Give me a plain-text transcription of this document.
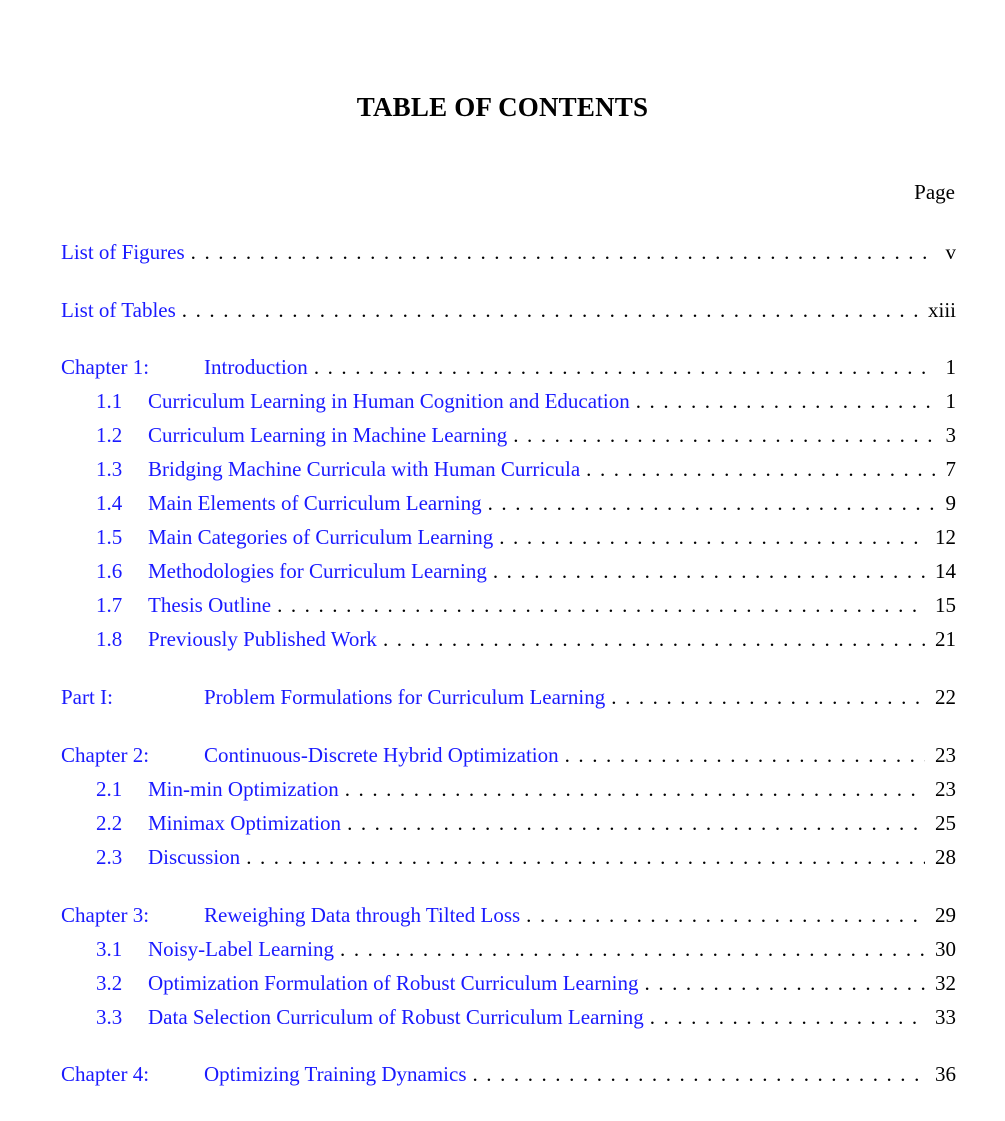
TABLE OF CONTENTS
Page
List of Figures . . .	v
List of Tables . . .	xiii
Chapter 1:	Introduction . . .	1
1.1	Curriculum Learning in Human Cognition and Education . . .	1
1.2	Curriculum Learning in Machine Learning . . .	3
1.3	Bridging Machine Curricula with Human Curricula . . .	7
1.4	Main Elements of Curriculum Learning . . .	9
1.5	Main Categories of Curriculum Learning . . .	12
1.6	Methodologies for Curriculum Learning . . .	14
1.7	Thesis Outline . . .	15
1.8	Previously Published Work . . .	21
Part I:	Problem Formulations for Curriculum Learning . . .	22
Chapter 2:	Continuous-Discrete Hybrid Optimization . . .	23
2.1	Min-min Optimization . . .	23
2.2	Minimax Optimization . . .	25
2.3	Discussion . . .	28
Chapter 3:	Reweighing Data through Tilted Loss . . .	29
3.1	Noisy-Label Learning . . .	30
3.2	Optimization Formulation of Robust Curriculum Learning . . .	32
3.3	Data Selection Curriculum of Robust Curriculum Learning . . .	33
Chapter 4:	Optimizing Training Dynamics . . .	36
